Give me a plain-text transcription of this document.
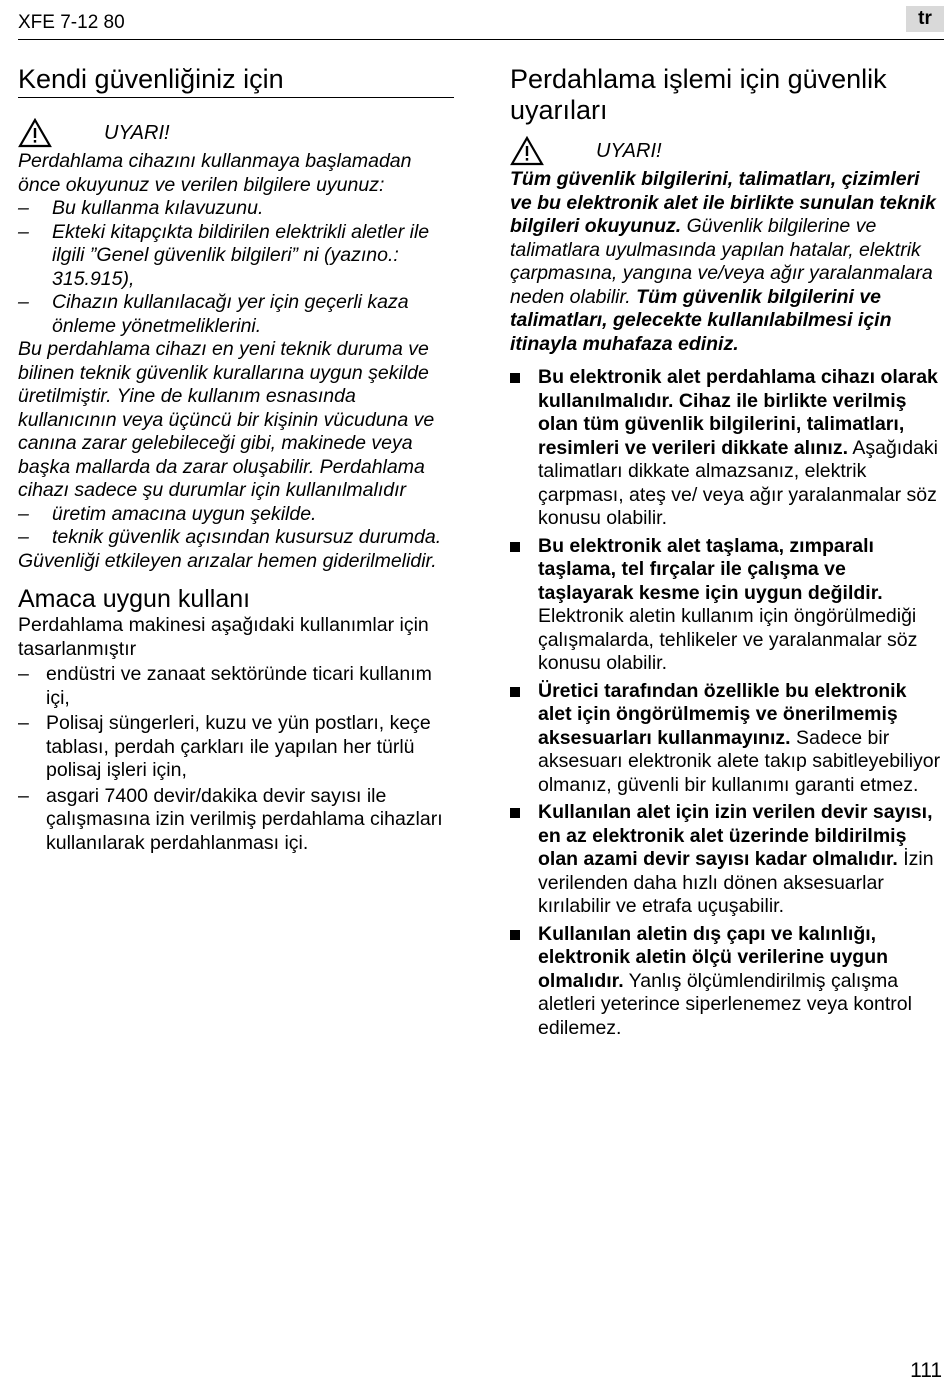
XFE 7-12 80	tr
Kendi güvenliğiniz için
UYARI!

Perdahlama cihazını kullanmaya başlamadan önce okuyunuz ve verilen bilgilere uyunuz:

–	Bu kullanma kılavuzunu.
–	Ekteki kitapçıkta bildirilen elektrikli aletler ile ilgili ”Genel güvenlik bilgileri” ni (yazıno.: 315.915),
–	Cihazın kullanılacağı yer için geçerli kaza önleme yönetmeliklerini.

Bu perdahlama cihazı en yeni teknik duruma ve bilinen teknik güvenlik kurallarına uygun şekilde üretilmiştir. Yine de kullanım esnasında kullanıcının veya üçüncü bir kişinin vücuduna ve canına zarar gelebileceği gibi, makinede veya başka mallarda da zarar oluşabilir. Perdahlama cihazı sadece şu durumlar için kullanılmalıdır

–	üretim amacına uygun şekilde.
–	teknik güvenlik açısından kusursuz durumda.

Güvenliği etkileyen arızalar hemen giderilmelidir.

Amaca uygun kullanı

Perdahlama makinesi aşağıdaki kullanımlar için tasarlanmıştır

– endüstri ve zanaat sektöründe ticari kullanım içi,
– Polisaj süngerleri, kuzu ve yün postları, keçe tablası, perdah çarkları ile yapılan her türlü polisaj işleri için,
– asgari 7400 devir/dakika devir sayısı ile çalışmasına izin verilmiş perdahlama cihazları kullanılarak perdahlanması içi.
Perdahlama işlemi için güvenlik uyarıları
UYARI!

Tüm güvenlik bilgilerini, talimatları, çizimleri ve bu elektronik alet ile birlikte sunulan teknik bilgileri okuyunuz. Güvenlik bilgilerine ve talimatlara uyulmasında yapılan hatalar, elektrik çarpmasına, yangına ve/veya ağır yaralanmalara neden olabilir. Tüm güvenlik bilgilerini ve talimatları, gelecekte kullanılabilmesi için itinayla muhafaza ediniz.

Bu elektronik alet perdahlama cihazı olarak kullanılmalıdır. Cihaz ile birlikte verilmiş olan tüm güvenlik bilgilerini, talimatları, resimleri ve verileri dikkate alınız. Aşağıdaki talimatları dikkate almazsanız, elektrik çarpması, ateş ve/ veya ağır yaralanmalar söz konusu olabilir.
Bu elektronik alet taşlama, zımparalı taşlama, tel fırçalar ile çalışma ve taşlayarak kesme için uygun değildir. Elektronik aletin kullanım için öngörülmediği çalışmalarda, tehlikeler ve yaralanmalar söz konusu olabilir.
Üretici tarafından özellikle bu elektronik alet için öngörülmemiş ve önerilmemiş aksesuarları kullanmayınız. Sadece bir aksesuarı elektronik alete takıp sabitleyebiliyor olmanız, güvenli bir kullanımı garanti etmez.
Kullanılan alet için izin verilen devir sayısı, en az elektronik alet üzerinde bildirilmiş olan azami devir sayısı kadar olmalıdır. İzin verilenden daha hızlı dönen aksesuarlar kırılabilir ve etrafa uçuşabilir.
Kullanılan aletin dış çapı ve kalınlığı, elektronik aletin ölçü verilerine uygun olmalıdır. Yanlış ölçümlendirilmiş çalışma aletleri yeterince siperlenemez veya kontrol edilemez.
111
